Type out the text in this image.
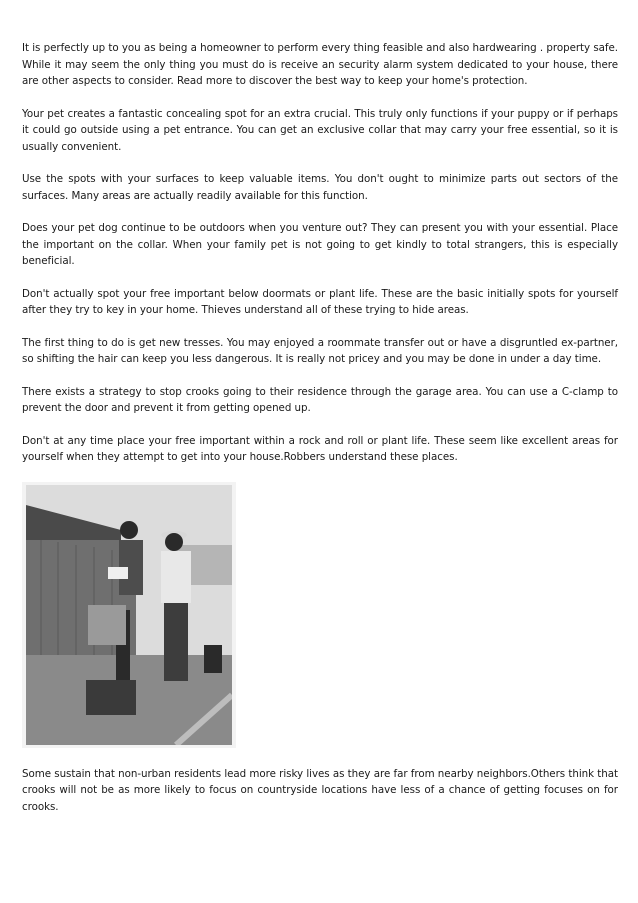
It is perfectly up to you as being a homeowner to perform every thing feasible and also hardwearing . property safe. While it may seem the only thing you must do is receive an security alarm system dedicated to your house, there are other aspects to consider. Read more to discover the best way to keep your home's protection.

Your pet creates a fantastic concealing spot for an extra crucial. This truly only functions if your puppy or if perhaps it could go outside using a pet entrance. You can get an exclusive collar that may carry your free essential, so it is usually convenient.

Use the spots with your surfaces to keep valuable items. You don't ought to minimize parts out sectors of the surfaces. Many areas are actually readily available for this function.

Does your pet dog continue to be outdoors when you venture out? They can present you with your essential. Place the important on the collar. When your family pet is not going to get kindly to total strangers, this is especially beneficial.

Don't actually spot your free important below doormats or plant life. These are the basic initially spots for yourself after they try to key in your home. Thieves understand all of these trying to hide areas.

The first thing to do is get new tresses. You may enjoyed a roommate transfer out or have a disgruntled ex-partner, so shifting the hair can keep you less dangerous. It is really not pricey and you may be done in under a day time.

There exists a strategy to stop crooks going to their residence through the garage area. You can use a C-clamp to prevent the door and prevent it from getting opened up.

Don't at any time place your free important within a rock and roll or plant life. These seem like excellent areas for yourself when they attempt to get into your house.Robbers understand these places.

Some sustain that non-urban residents lead more risky lives as they are far from nearby neighbors.Others think that crooks will not be as more likely to focus on countryside locations have less of a chance of getting focuses on for crooks.
